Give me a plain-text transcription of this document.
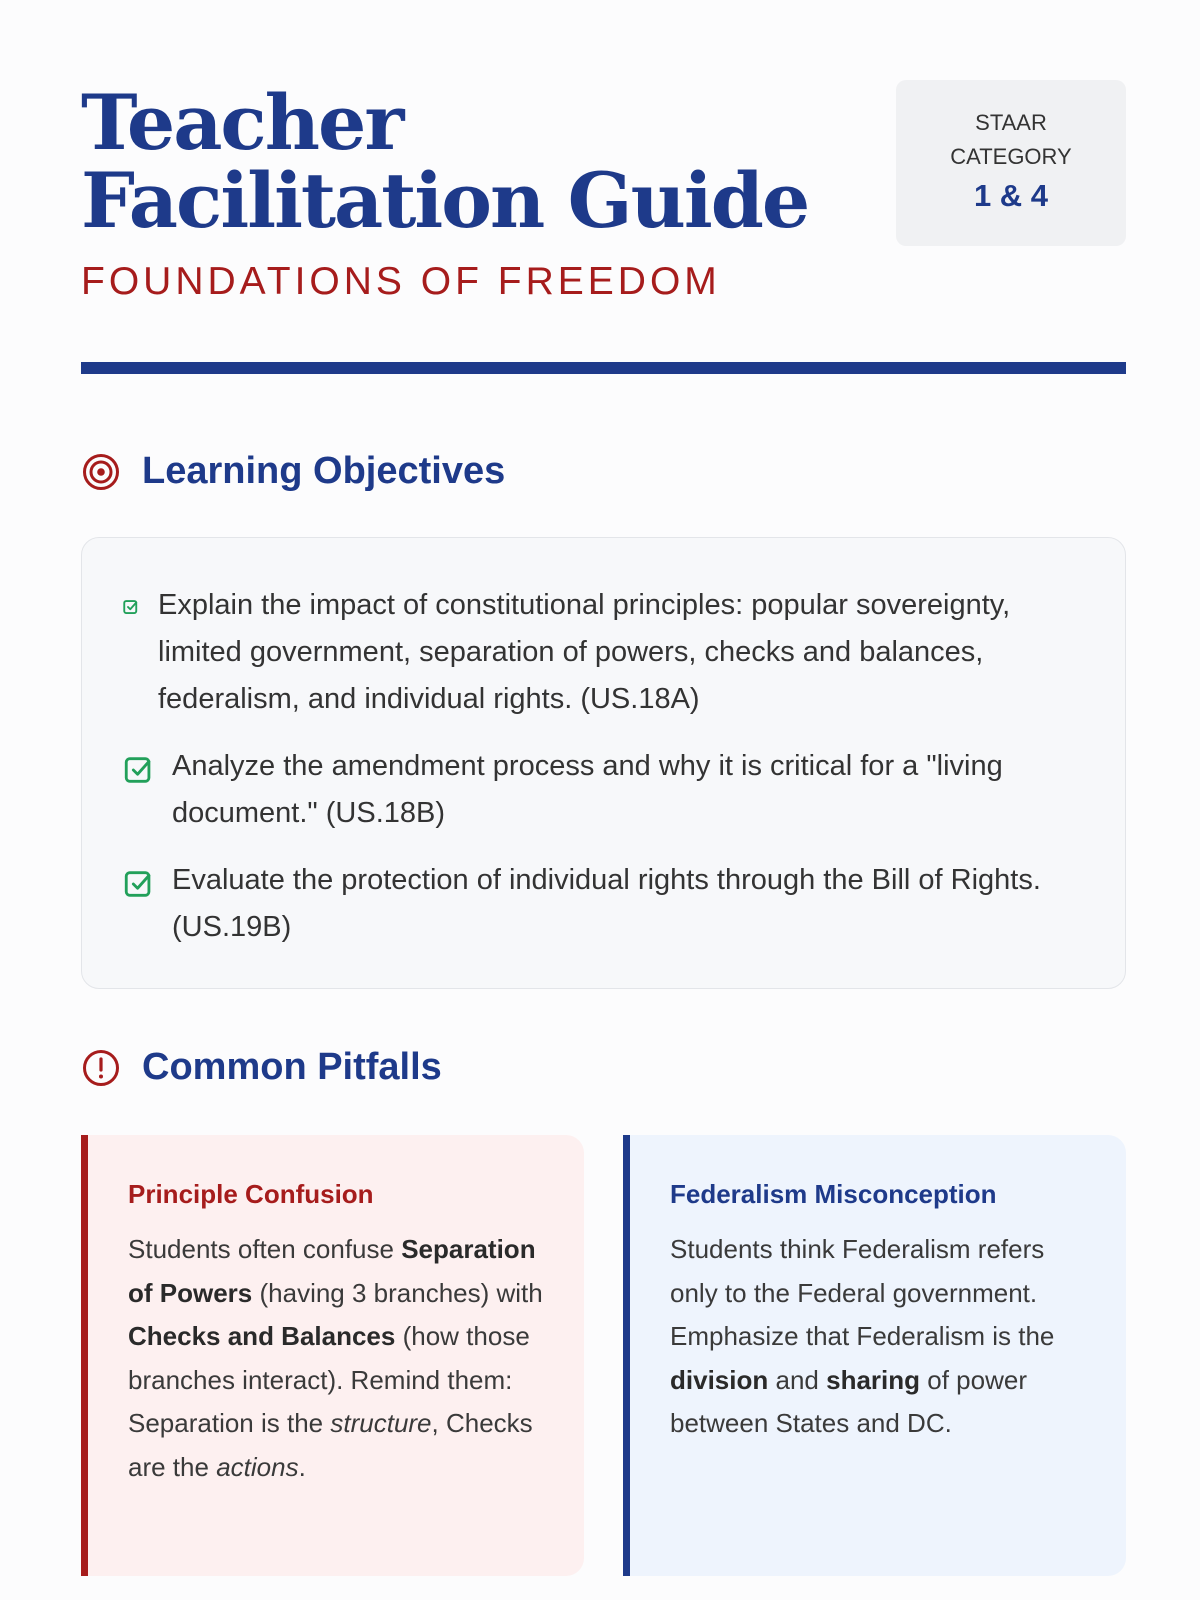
Teacher Facilitation Guide
FOUNDATIONS OF FREEDOM
STAAR CATEGORY
1 & 4
Learning Objectives
Explain the impact of constitutional principles: popular sovereignty, limited government, separation of powers, checks and balances, federalism, and individual rights. (US.18A)
Analyze the amendment process and why it is critical for a "living document." (US.18B)
Evaluate the protection of individual rights through the Bill of Rights. (US.19B)
Common Pitfalls
Principle Confusion
Students often confuse Separation of Powers (having 3 branches) with Checks and Balances (how those branches interact). Remind them: Separation is the structure, Checks are the actions.
Federalism Misconception
Students think Federalism refers only to the Federal government. Emphasize that Federalism is the division and sharing of power between States and DC.
